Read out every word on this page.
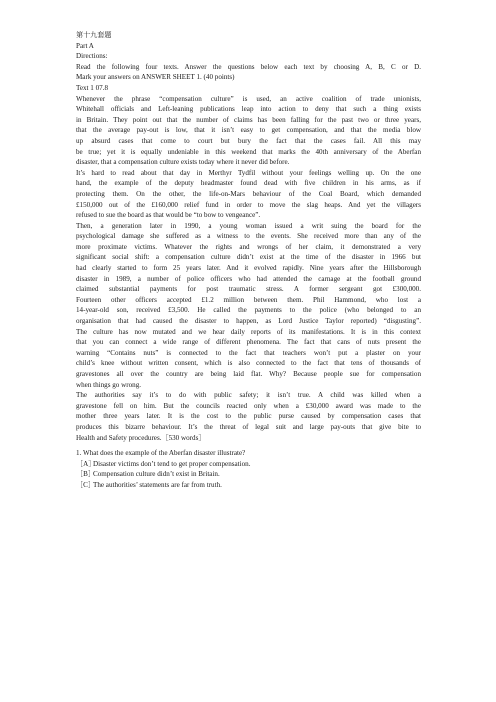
第十九套题
Part A
Directions:
Read the following four texts. Answer the questions below each text by choosing A, B, C or D.
Mark your answers on ANSWER SHEET 1. (40 points)
Text 1 07.8
Whenever the phrase “compensation culture” is used, an active coalition of trade unionists,
Whitehall officials and Left-leaning publications leap into action to deny that such a thing exists
in Britain. They point out that the number of claims has been falling for the past two or three years,
that the average pay-out is low, that it isn’t easy to get compensation, and that the media blow
up absurd cases that come to court but bury the fact that the cases fail. All this may
be true; yet it is equally undeniable in this weekend that marks the 40th anniversary of the Aberfan
disaster, that a compensation culture exists today where it never did before.
It’s hard to read about that day in Merthyr Tydfil without your feelings welling up. On the one
hand, the example of the deputy headmaster found dead with five children in his arms, as if
protecting them. On the other, the life-on-Mars behaviour of the Coal Board, which demanded
£150,000 out of the £160,000 relief fund in order to move the slag heaps. And yet the villagers
refused to sue the board as that would be “to bow to vengeance”.
Then, a generation later in 1990, a young woman issued a writ suing the board for the
psychological damage she suffered as a witness to the events. She received more than any of the
more proximate victims. Whatever the rights and wrongs of her claim, it demonstrated a very
significant social shift: a compensation culture didn’t exist at the time of the disaster in 1966 but
had clearly started to form 25 years later. And it evolved rapidly. Nine years after the Hillsborough
disaster in 1989, a number of police officers who had attended the carnage at the football ground
claimed substantial payments for post traumatic stress. A former sergeant got £300,000.
Fourteen other officers accepted £1.2 million between them. Phil Hammond, who lost a
14-year-old son, received £3,500. He called the payments to the police (who belonged to an
organisation that had caused the disaster to happen, as Lord Justice Taylor reported) “disgusting”.
The culture has now mutated and we hear daily reports of its manifestations. It is in this context
that you can connect a wide range of different phenomena. The fact that cans of nuts present the
warning “Contains nuts” is connected to the fact that teachers won’t put a plaster on your
child’s knee without written consent, which is also connected to the fact that tens of thousands of
gravestones all over the country are being laid flat. Why? Because people sue for compensation
when things go wrong.
The authorities say it’s to do with public safety; it isn’t true. A child was killed when a
gravestone fell on him. But the councils reacted only when a £30,000 award was made to the
mother three years later. It is the cost to the public purse caused by compensation cases that
produces this bizarre behaviour. It’s the threat of legal suit and large pay-outs that give bite to
Health and Safety procedures.［530 words］
1. What does the example of the Aberfan disaster illustrate?
［A］Disaster victims don’t tend to get proper compensation.
［B］Compensation culture didn’t exist in Britain.
［C］The authorities’ statements are far from truth.
